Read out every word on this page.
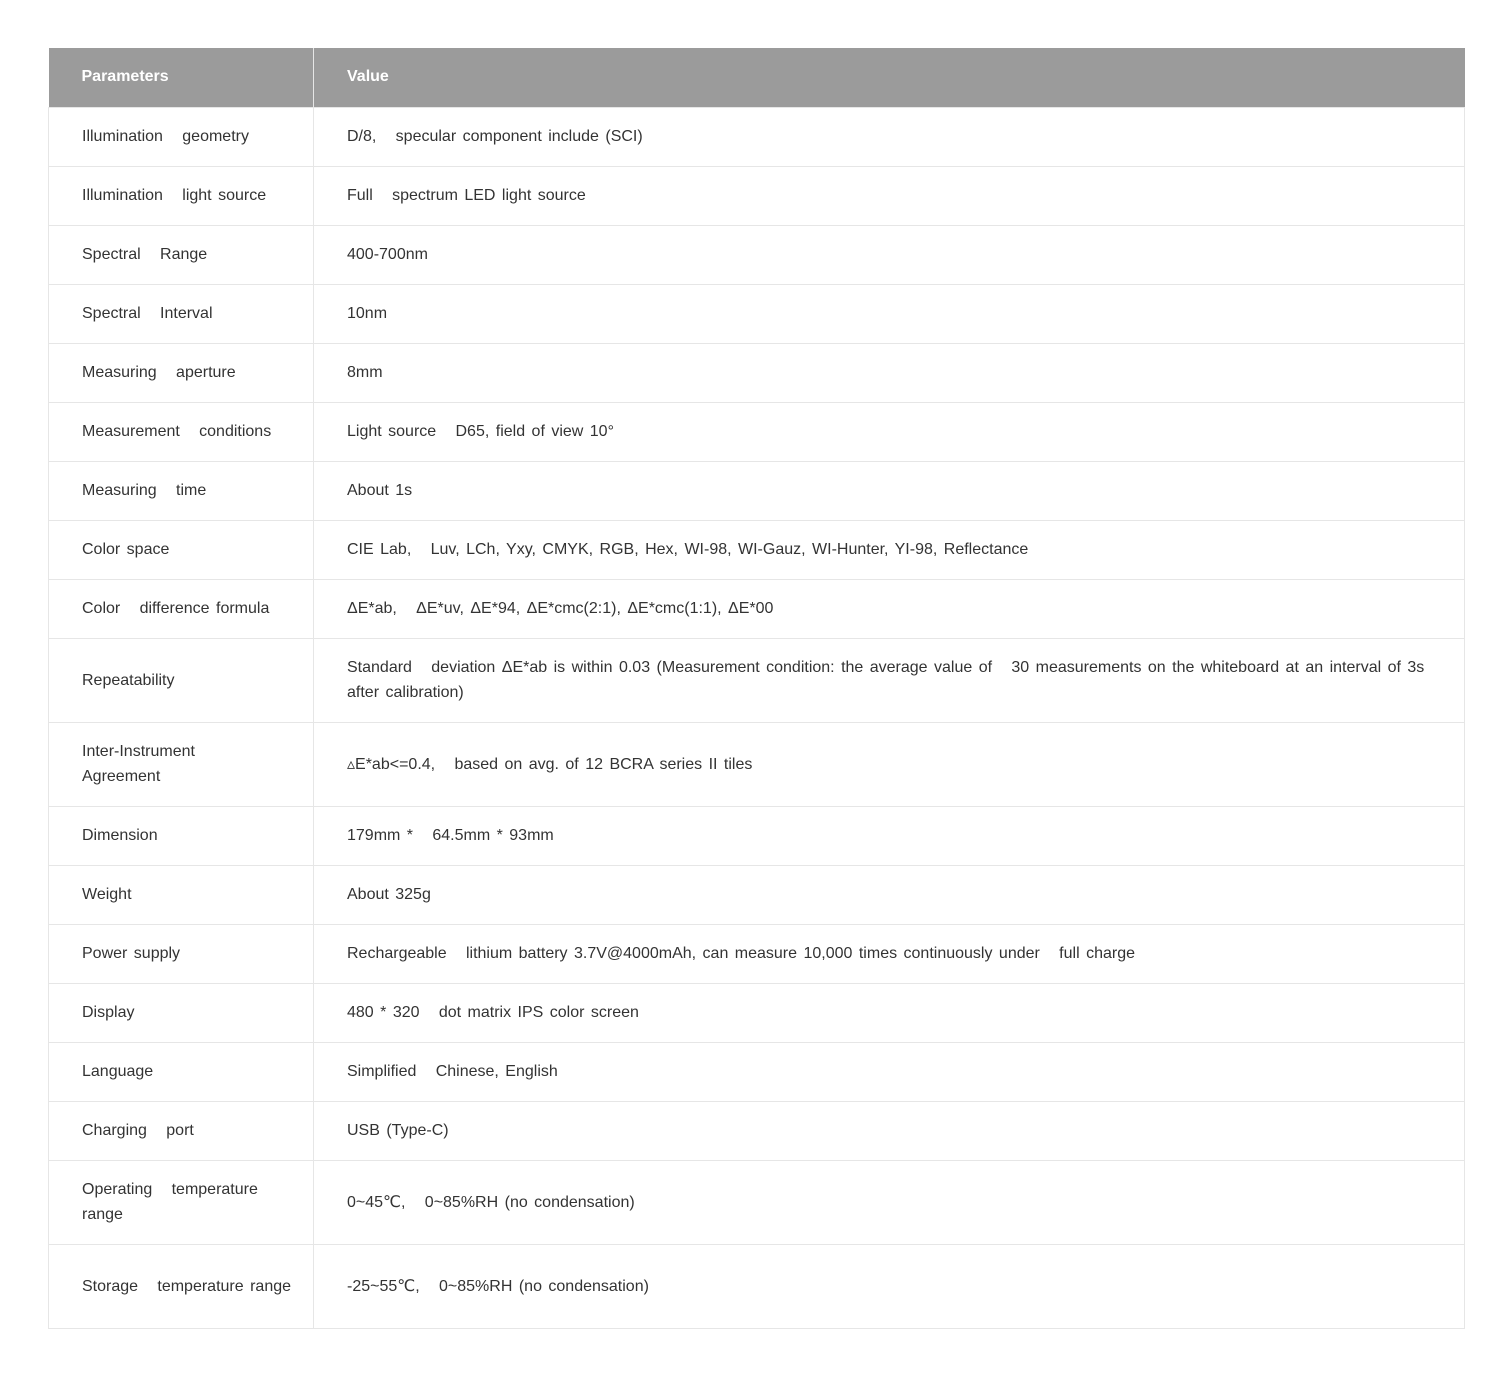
Parameters	Value
Illumination   geometry	D/8,   specular component include (SCI)
Illumination   light source	Full   spectrum LED light source
Spectral   Range	400-700nm
Spectral   Interval	10nm
Measuring   aperture	8mm
Measurement   conditions	Light source   D65, field of view 10°
Measuring   time	About 1s
Color space	CIE Lab,   Luv, LCh, Yxy, CMYK, RGB, Hex, WI-98, WI-Gauz, WI-Hunter, YI-98, Reflectance
Color   difference formula	ΔE*ab,   ΔE*uv, ΔE*94, ΔE*cmc(2:1), ΔE*cmc(1:1), ΔE*00
Repeatability	Standard   deviation ΔE*ab is within 0.03 (Measurement condition: the average value of   30 measurements on the whiteboard at an interval of 3s after calibration)
Inter-Instrument Agreement	▵E*ab<=0.4,   based on avg. of 12 BCRA series II tiles
Dimension	179mm *   64.5mm * 93mm
Weight	About 325g
Power supply	Rechargeable   lithium battery 3.7V@4000mAh, can measure 10,000 times continuously under   full charge
Display	480 * 320   dot matrix IPS color screen
Language	Simplified   Chinese, English
Charging   port	USB (Type-C)
Operating   temperature range	0~45℃,   0~85%RH (no condensation)
Storage   temperature range	-25~55℃,   0~85%RH (no condensation)
